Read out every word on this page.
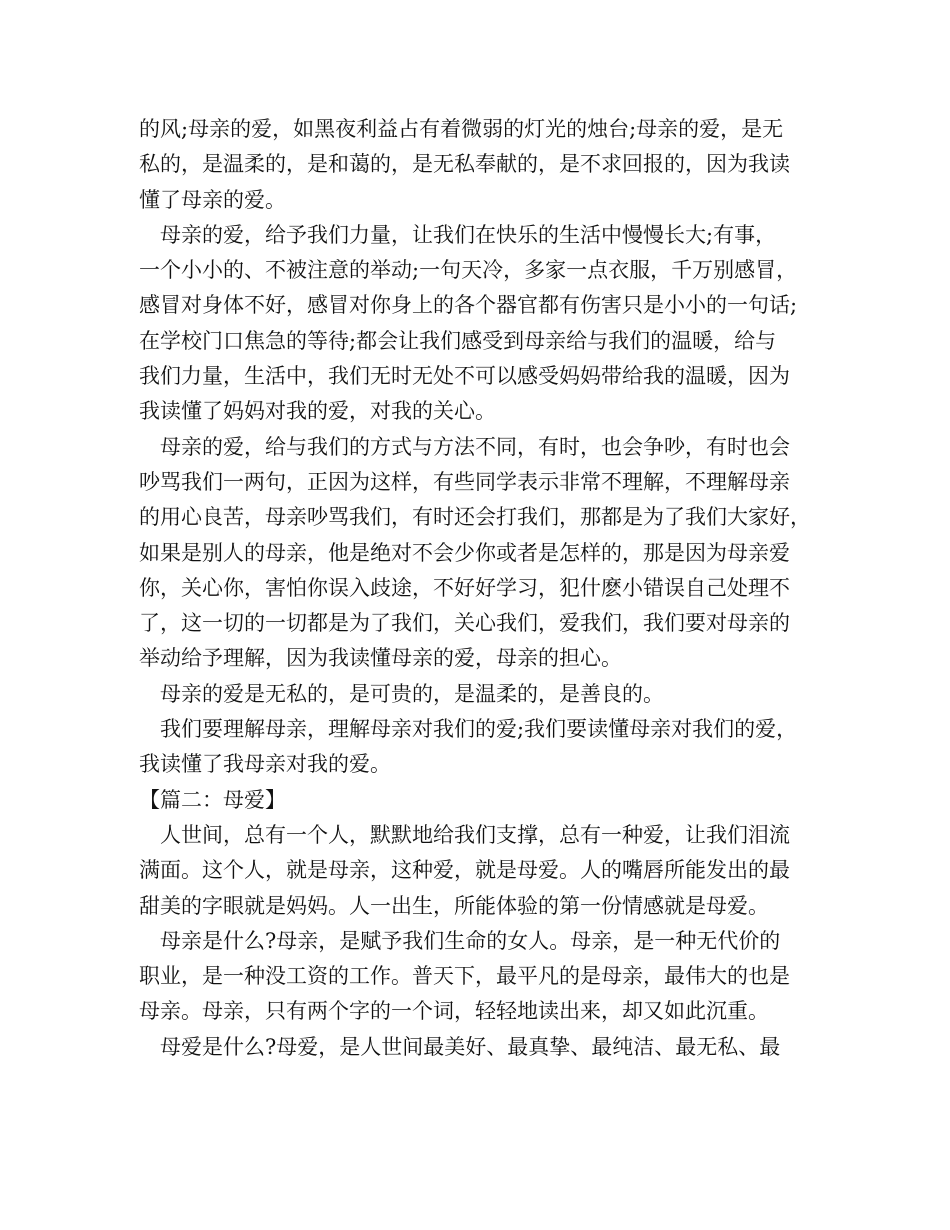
的风;母亲的爱，如黑夜利益占有着微弱的灯光的烛台;母亲的爱，是无
私的，是温柔的，是和蔼的，是无私奉献的，是不求回报的，因为我读
懂了母亲的爱。
　母亲的爱，给予我们力量，让我们在快乐的生活中慢慢长大;有事，
一个小小的、不被注意的举动;一句天冷，多家一点衣服，千万别感冒，
感冒对身体不好，感冒对你身上的各个器官都有伤害只是小小的一句话;
在学校门口焦急的等待;都会让我们感受到母亲给与我们的温暖，给与
我们力量，生活中，我们无时无处不可以感受妈妈带给我的温暖，因为
我读懂了妈妈对我的爱，对我的关心。
　母亲的爱，给与我们的方式与方法不同，有时，也会争吵，有时也会
吵骂我们一两句，正因为这样，有些同学表示非常不理解，不理解母亲
的用心良苦，母亲吵骂我们，有时还会打我们，那都是为了我们大家好，
如果是别人的母亲，他是绝对不会少你或者是怎样的，那是因为母亲爱
你，关心你，害怕你误入歧途，不好好学习，犯什麽小错误自己处理不
了，这一切的一切都是为了我们，关心我们，爱我们，我们要对母亲的
举动给予理解，因为我读懂母亲的爱，母亲的担心。
　母亲的爱是无私的，是可贵的，是温柔的，是善良的。
　我们要理解母亲，理解母亲对我们的爱;我们要读懂母亲对我们的爱，
我读懂了我母亲对我的爱。
【篇二：母爱】
　人世间，总有一个人，默默地给我们支撑，总有一种爱，让我们泪流
满面。这个人，就是母亲，这种爱，就是母爱。人的嘴唇所能发出的最
甜美的字眼就是妈妈。人一出生，所能体验的第一份情感就是母爱。
　母亲是什么?母亲，是赋予我们生命的女人。母亲，是一种无代价的
职业，是一种没工资的工作。普天下，最平凡的是母亲，最伟大的也是
母亲。母亲，只有两个字的一个词，轻轻地读出来，却又如此沉重。
　母爱是什么?母爱，是人世间最美好、最真挚、最纯洁、最无私、最
